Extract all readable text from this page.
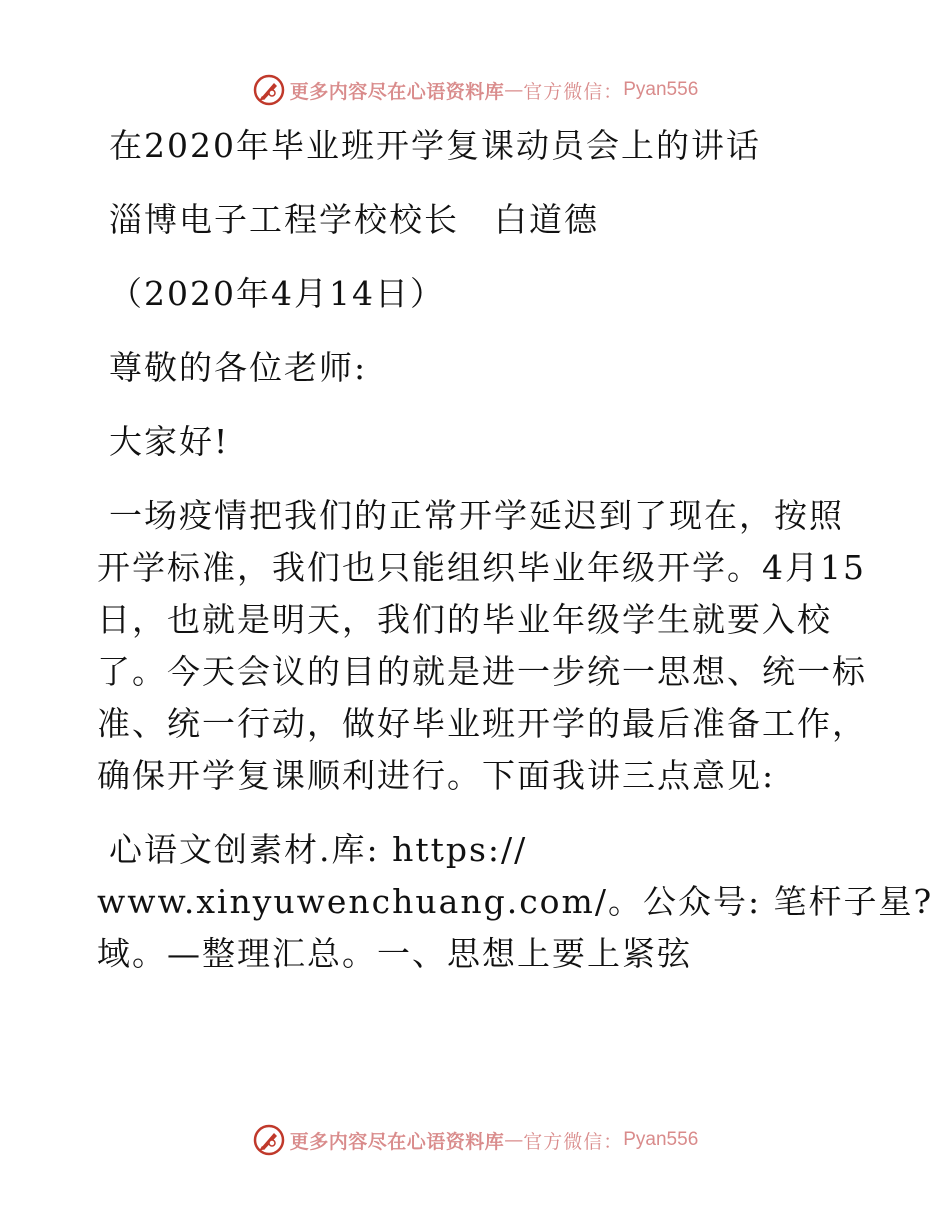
更多内容尽在心语资料库 — 官方微信： Pyan556
在2020年毕业班开学复课动员会上的讲话
淄博电子工程学校校长　白道德
（2020年4月14日）
尊敬的各位老师:
大家好!
一场疫情把我们的正常开学延迟到了现在，按照
开学标准，我们也只能组织毕业年级开学。4月15
日，也就是明天，我们的毕业年级学生就要入校
了。今天会议的目的就是进一步统一思想、统一标
准、统一行动，做好毕业班开学的最后准备工作，
确保开学复课顺利进行。下面我讲三点意见:
心语文创素材.库: https://
www.xinyuwenchuang.com/。公众号: 笔杆子星?
域。—整理汇总。一、思想上要上紧弦
更多内容尽在心语资料库 — 官方微信： Pyan556
